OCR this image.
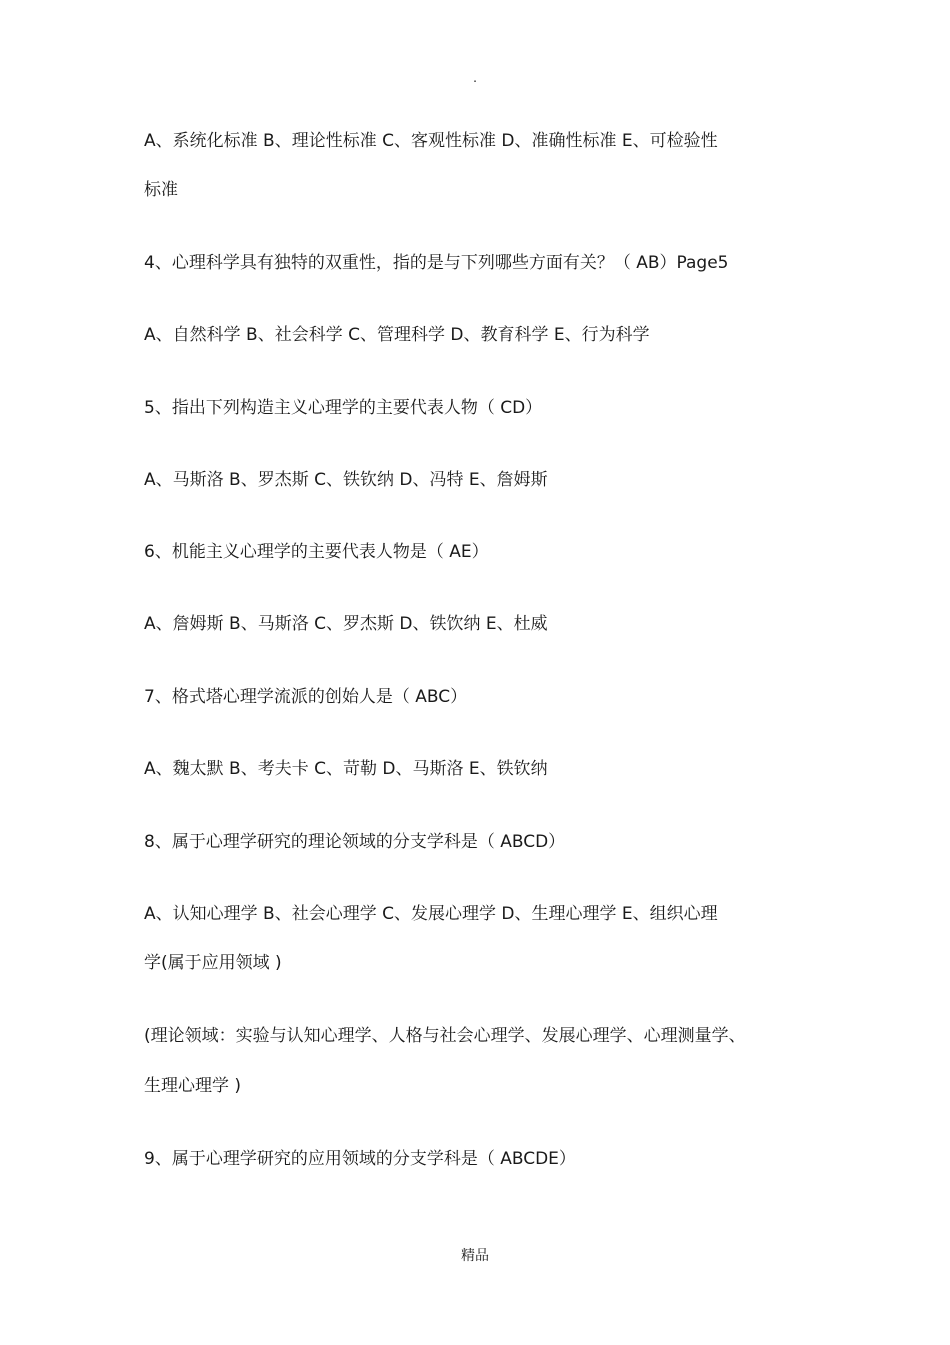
.
A、系统化标准 B、理论性标准 C、客观性标准 D、准确性标准 E、可检验性
标准
4、心理科学具有独特的双重性，指的是与下列哪些方面有关？（ AB）Page5
A、自然科学 B、社会科学 C、管理科学 D、教育科学 E、行为科学
5、指出下列构造主义心理学的主要代表人物（ CD）
A、马斯洛 B、罗杰斯 C、铁钦纳 D、冯特 E、詹姆斯
6、机能主义心理学的主要代表人物是（ AE）
A、詹姆斯 B、马斯洛 C、罗杰斯 D、铁饮纳 E、杜威
7、格式塔心理学流派的创始人是（ ABC）
A、魏太默 B、考夫卡 C、苛勒 D、马斯洛 E、铁钦纳
8、属于心理学研究的理论领域的分支学科是（ ABCD）
A、认知心理学 B、社会心理学 C、发展心理学 D、生理心理学 E、组织心理
学(属于应用领域 )
(理论领域：实验与认知心理学、人格与社会心理学、发展心理学、心理测量学、
生理心理学 )
9、属于心理学研究的应用领域的分支学科是（ ABCDE）
精品
